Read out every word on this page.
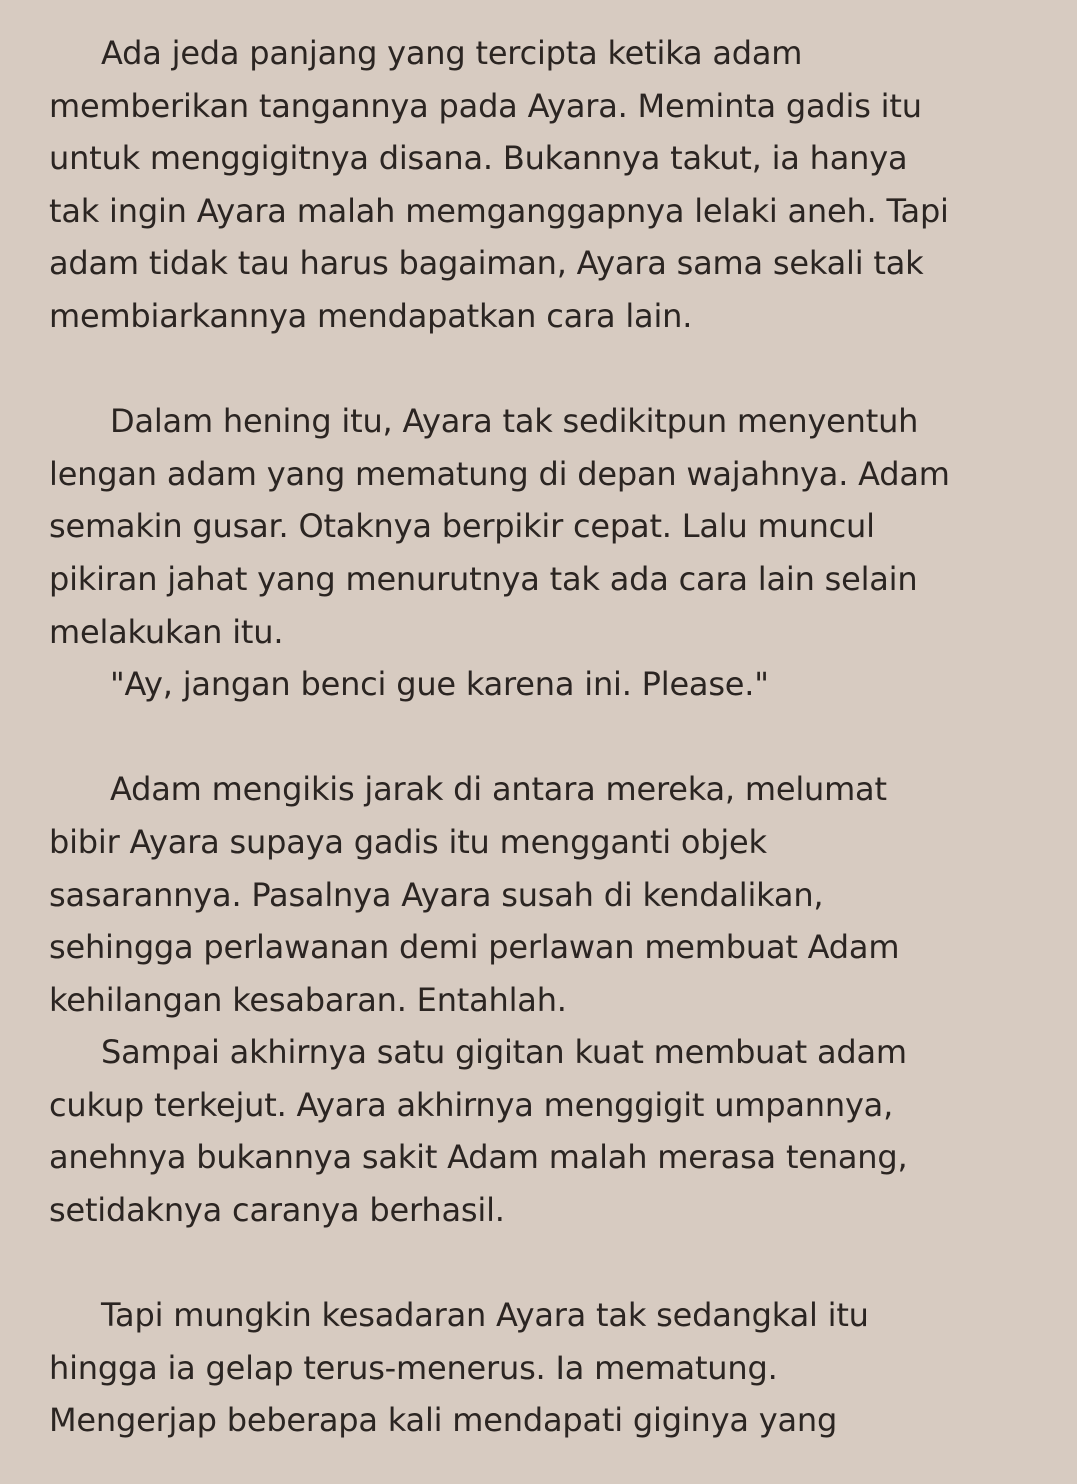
Ada jeda panjang yang tercipta ketika adam
memberikan tangannya pada Ayara. Meminta gadis itu
untuk menggigitnya disana. Bukannya takut, ia hanya
tak ingin Ayara malah memganggapnya lelaki aneh. Tapi
adam tidak tau harus bagaiman, Ayara sama sekali tak
membiarkannya mendapatkan cara lain.
Dalam hening itu, Ayara tak sedikitpun menyentuh
lengan adam yang mematung di depan wajahnya. Adam
semakin gusar. Otaknya berpikir cepat. Lalu muncul
pikiran jahat yang menurutnya tak ada cara lain selain
melakukan itu.
"Ay, jangan benci gue karena ini. Please."
Adam mengikis jarak di antara mereka, melumat
bibir Ayara supaya gadis itu mengganti objek
sasarannya. Pasalnya Ayara susah di kendalikan,
sehingga perlawanan demi perlawan membuat Adam
kehilangan kesabaran. Entahlah.
Sampai akhirnya satu gigitan kuat membuat adam
cukup terkejut. Ayara akhirnya menggigit umpannya,
anehnya bukannya sakit Adam malah merasa tenang,
setidaknya caranya berhasil.
Tapi mungkin kesadaran Ayara tak sedangkal itu
hingga ia gelap terus-menerus. Ia mematung.
Mengerjap beberapa kali mendapati giginya yang
